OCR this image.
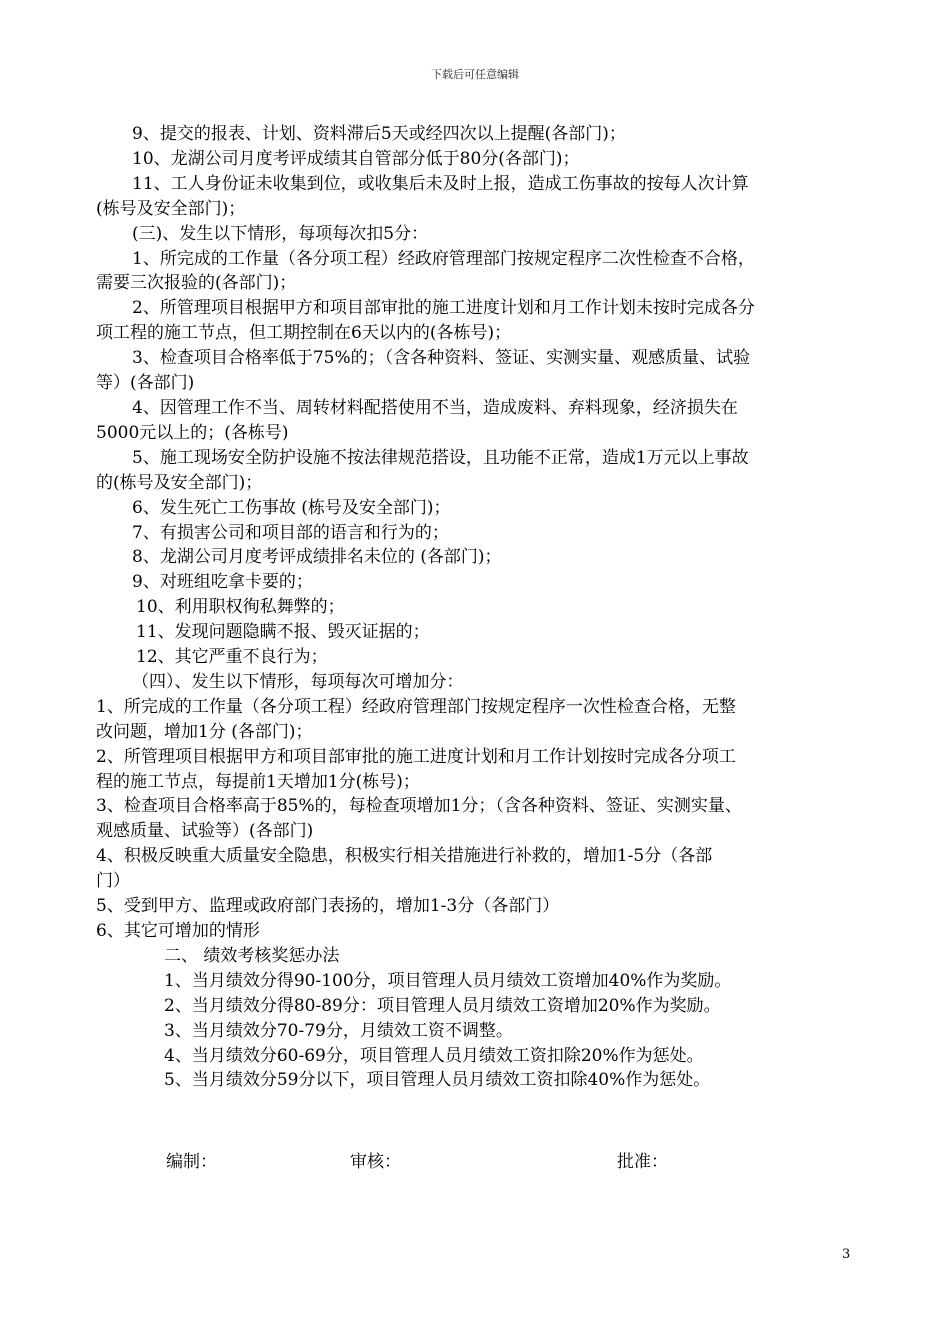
下载后可任意编辑
9、提交的报表、计划、资料滞后5天或经四次以上提醒(各部门)；
10、龙湖公司月度考评成绩其自管部分低于80分(各部门)；
11、工人身份证未收集到位，或收集后未及时上报，造成工伤事故的按每人次计算
(栋号及安全部门)；
(三)、发生以下情形，每项每次扣5分：
1、所完成的工作量（各分项工程）经政府管理部门按规定程序二次性检查不合格，
需要三次报验的(各部门)；
2、所管理项目根据甲方和项目部审批的施工进度计划和月工作计划未按时完成各分
项工程的施工节点，但工期控制在6天以内的(各栋号)；
3、检查项目合格率低于75%的；（含各种资料、签证、实测实量、观感质量、试验
等）(各部门)
4、因管理工作不当、周转材料配搭使用不当，造成废料、弃料现象，经济损失在
5000元以上的；(各栋号)
5、施工现场安全防护设施不按法律规范搭设，且功能不正常，造成1万元以上事故
的(栋号及安全部门)；
6、发生死亡工伤事故 (栋号及安全部门)；
7、有损害公司和项目部的语言和行为的；
8、龙湖公司月度考评成绩排名未位的 (各部门)；
9、对班组吃拿卡要的；
10、利用职权徇私舞弊的；
11、发现问题隐瞒不报、毁灭证据的；
12、其它严重不良行为；
（四）、发生以下情形，每项每次可增加分：
1、所完成的工作量（各分项工程）经政府管理部门按规定程序一次性检查合格，无整
改问题，增加1分 (各部门)；
2、所管理项目根据甲方和项目部审批的施工进度计划和月工作计划按时完成各分项工
程的施工节点，每提前1天增加1分(栋号)；
3、检查项目合格率高于85%的，每检查项增加1分；（含各种资料、签证、实测实量、
观感质量、试验等）(各部门)
4、积极反映重大质量安全隐患，积极实行相关措施进行补救的，增加1-5分（各部
门）
5、受到甲方、监理或政府部门表扬的，增加1-3分（各部门）
6、其它可增加的情形
二、 绩效考核奖惩办法
1、当月绩效分得90-100分，项目管理人员月绩效工资增加40%作为奖励。
2、当月绩效分得80-89分：项目管理人员月绩效工资增加20%作为奖励。
3、当月绩效分70-79分，月绩效工资不调整。
4、当月绩效分60-69分，项目管理人员月绩效工资扣除20%作为惩处。
5、当月绩效分59分以下，项目管理人员月绩效工资扣除40%作为惩处。
编制：	审核：	批准：
3
